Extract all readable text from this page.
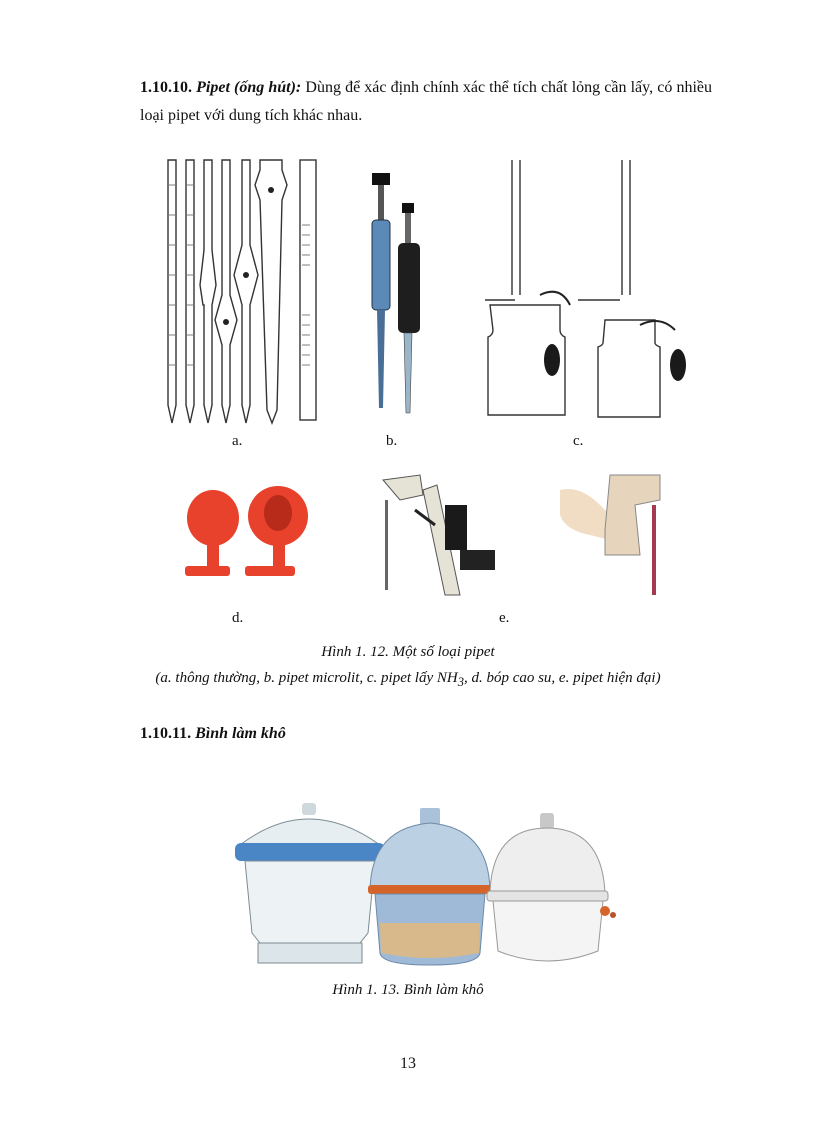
1.10.10. Pipet (ống hút): Dùng để xác định chính xác thể tích chất lỏng cần lấy, có nhiều loại pipet với dung tích khác nhau.
a.	b.	c.
d.	e.
Hình 1. 12. Một số loại pipet
(a. thông thường, b. pipet microlit, c. pipet lấy $NH_3$, d. bóp cao su, e. pipet hiện đại)
1.10.11. Bình làm khô
Hình 1. 13. Bình làm khô
13
